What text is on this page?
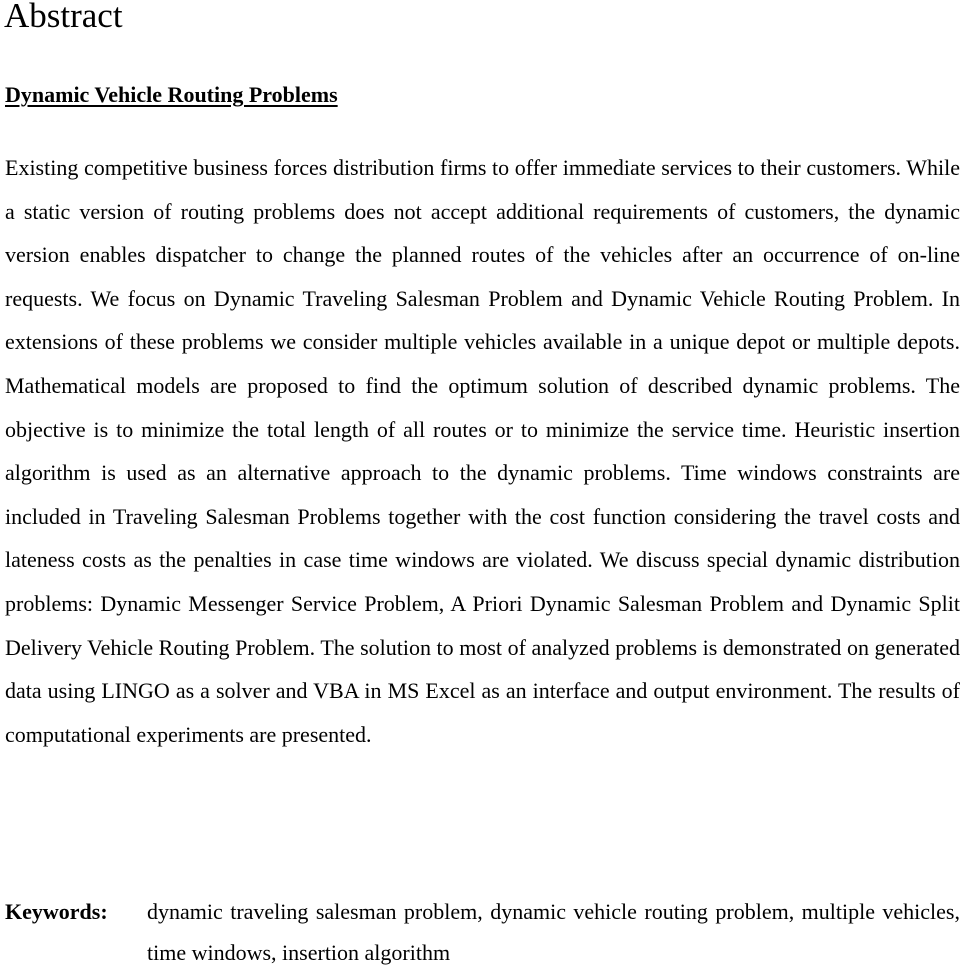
Abstract
Dynamic Vehicle Routing Problems

Existing competitive business forces distribution firms to offer immediate services to their customers. While a static version of routing problems does not accept additional requirements of customers, the dynamic version enables dispatcher to change the planned routes of the vehicles after an occurrence of on-line requests. We focus on Dynamic Traveling Salesman Problem and Dynamic Vehicle Routing Problem. In extensions of these problems we consider multiple vehicles available in a unique depot or multiple depots. Mathematical models are proposed to find the optimum solution of described dynamic problems. The objective is to minimize the total length of all routes or to minimize the service time. Heuristic insertion algorithm is used as an alternative approach to the dynamic problems. Time windows constraints are included in Traveling Salesman Problems together with the cost function considering the travel costs and lateness costs as the penalties in case time windows are violated. We discuss special dynamic distribution problems: Dynamic Messenger Service Problem, A Priori Dynamic Salesman Problem and Dynamic Split Delivery Vehicle Routing Problem. The solution to most of analyzed problems is demonstrated on generated data using LINGO as a solver and VBA in MS Excel as an interface and output environment. The results of computational experiments are presented.

Keywords:	dynamic traveling salesman problem, dynamic vehicle routing problem, multiple vehicles, time windows, insertion algorithm
